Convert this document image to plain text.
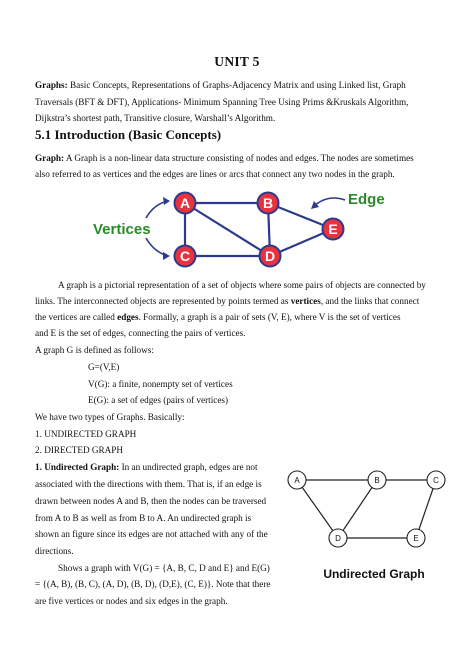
UNIT 5
Graphs: Basic Concepts, Representations of Graphs-Adjacency Matrix and using Linked list, Graph
Traversals (BFT & DFT), Applications- Minimum Spanning Tree Using Prims &Kruskals Algorithm,
Dijkstra’s shortest path, Transitive closure, Warshall’s Algorithm.
5.1 Introduction (Basic Concepts)
Graph: A Graph is a non-linear data structure consisting of nodes and edges. The nodes are sometimes
also referred to as vertices and the edges are lines or arcs that connect any two nodes in the graph.
A	B
C	D
E
Vertices
Edge
A graph is a pictorial representation of a set of objects where some pairs of objects are connected by
links. The interconnected objects are represented by points termed as vertices, and the links that connect
the vertices are called edges. Formally, a graph is a pair of sets (V, E), where V is the set of vertices
and E is the set of edges, connecting the pairs of vertices.
A graph G is defined as follows:
G=(V,E)
V(G): a finite, nonempty set of vertices
E(G): a set of edges (pairs of vertices)
We have two types of Graphs. Basically:
1. UNDIRECTED GRAPH
2. DIRECTED GRAPH
1. Undirected Graph: In an undirected graph, edges are not
associated with the directions with them. That is, if an edge is
drawn between nodes A and B, then the nodes can be traversed
from A to B as well as from B to A. An undirected graph is
shown an figure since its edges are not attached with any of the
directions.
Shows a graph with V(G) = {A, B, C, D and E} and E(G)
= {(A, B), (B, C), (A, D), (B, D), (D,E), (C, E)}. Note that there
are five vertices or nodes and six edges in the graph.
A	B	C
D	E
Undirected Graph
